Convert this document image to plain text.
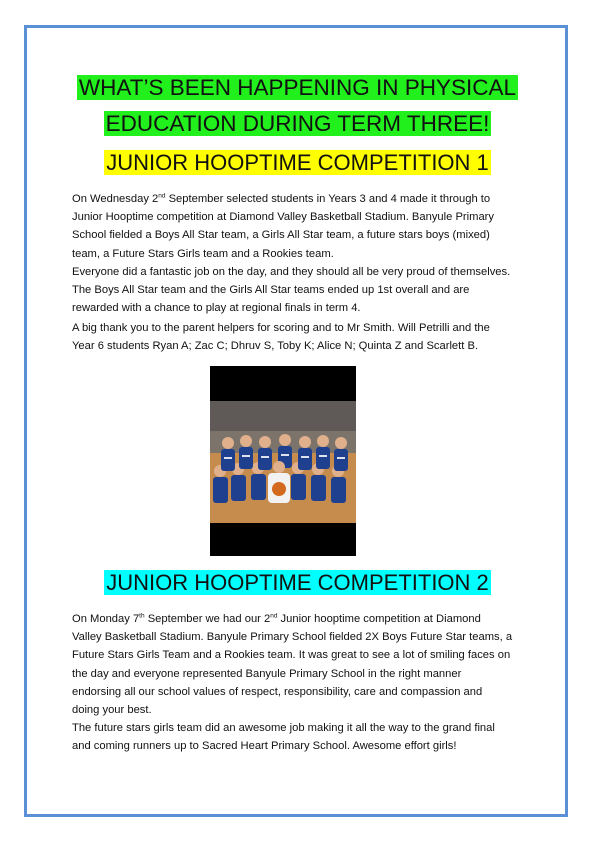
WHAT’S BEEN HAPPENING IN PHYSICAL
EDUCATION DURING TERM THREE!
JUNIOR HOOPTIME COMPETITION 1

On Wednesday 2nd September selected students in Years 3 and 4 made it through to
Junior Hooptime competition at Diamond Valley Basketball Stadium. Banyule Primary
School fielded a Boys All Star team, a Girls All Star team, a future stars boys (mixed)
team, a Future Stars Girls team and a Rookies team.

Everyone did a fantastic job on the day, and they should all be very proud of themselves.
The Boys All Star team and the Girls All Star teams ended up 1st overall and are
rewarded with a chance to play at regional finals in term 4.

A big thank you to the parent helpers for scoring and to Mr Smith. Will Petrilli and the
Year 6 students Ryan A; Zac C; Dhruv S, Toby K; Alice N; Quinta Z and Scarlett B.

JUNIOR HOOPTIME COMPETITION 2

On Monday 7th September we had our 2nd Junior hooptime competition at Diamond
Valley Basketball Stadium. Banyule Primary School fielded 2X Boys Future Star teams, a
Future Stars Girls Team and a Rookies team. It was great to see a lot of smiling faces on
the day and everyone represented Banyule Primary School in the right manner
endorsing all our school values of respect, responsibility, care and compassion and
doing your best.

The future stars girls team did an awesome job making it all the way to the grand final
and coming runners up to Sacred Heart Primary School. Awesome effort girls!
